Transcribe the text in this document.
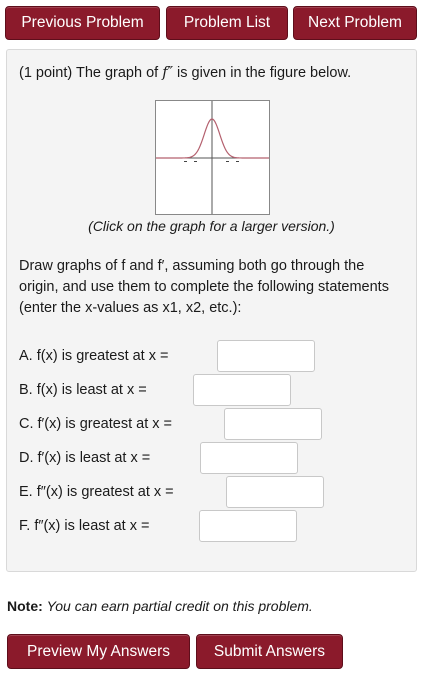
Previous Problem	Problem List	Next Problem
(1 point) The graph of f″ is given in the figure below.
(Click on the graph for a larger version.)
Draw graphs of f and f′, assuming both go through the origin, and use them to complete the following statements (enter the x-values as x1, x2, etc.):
A. f(x) is greatest at x =
B. f(x) is least at x =
C. f′(x) is greatest at x =
D. f′(x) is least at x =
E. f″(x) is greatest at x =
F. f″(x) is least at x =
Note: You can earn partial credit on this problem.
Preview My Answers	Submit Answers
